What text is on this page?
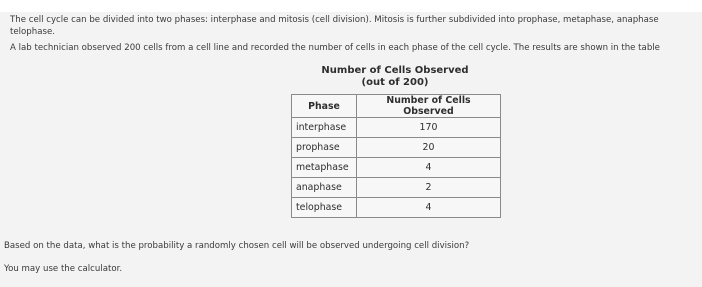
The cell cycle can be divided into two phases: interphase and mitosis (cell division). Mitosis is further subdivided into prophase, metaphase, anaphase
telophase.
A lab technician observed 200 cells from a cell line and recorded the number of cells in each phase of the cell cycle. The results are shown in the table
Number of Cells Observed
(out of 200)
Phase	Number of Cells Observed
interphase	170
prophase	20
metaphase	4
anaphase	2
telophase	4
Based on the data, what is the probability a randomly chosen cell will be observed undergoing cell division?
You may use the calculator.
